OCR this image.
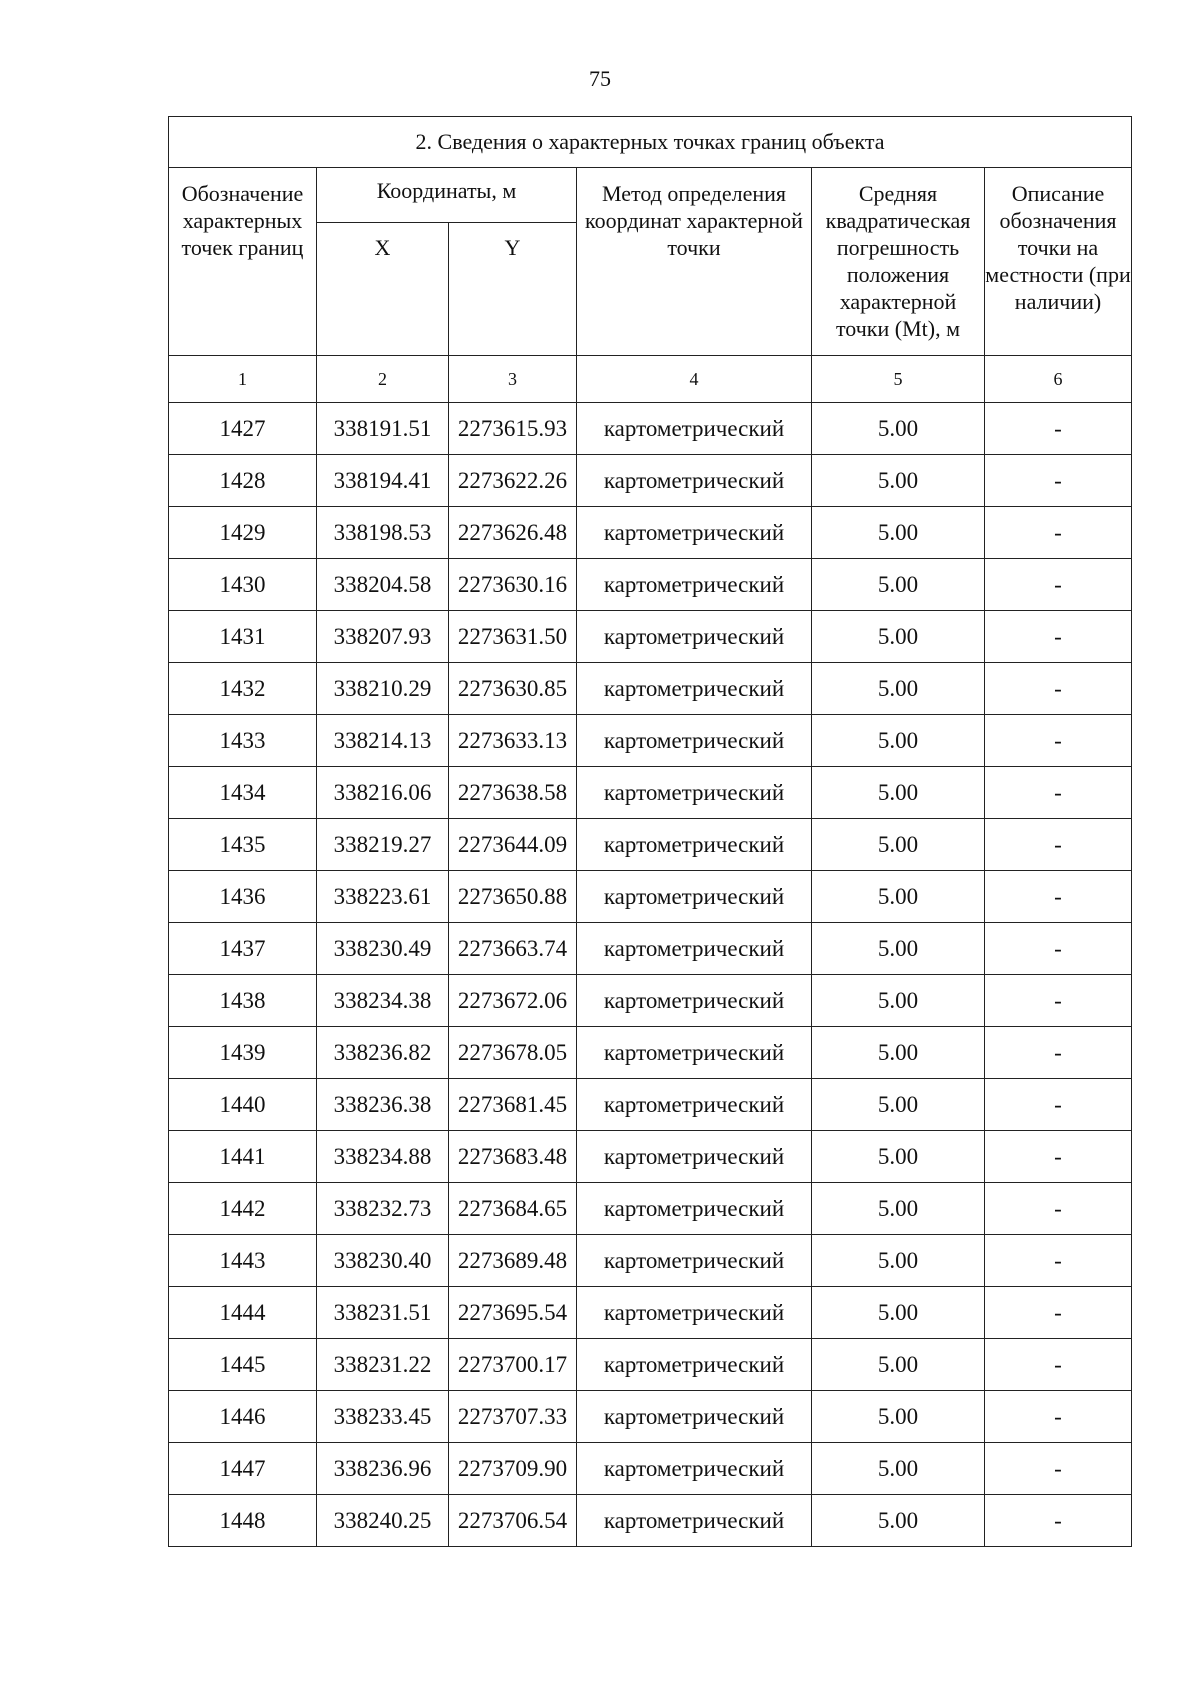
75
2. Сведения о характерных точках границ объекта					
Обозначение характерных точек границ	Координаты, м		Метод определения координат характерной точки	Средняя квадратическая погрешность положения характерной точки (Mt), м	Описание обозначения точки на местности (при наличии)
	X	Y			
1	2	3	4	5	6
1427	338191.51	2273615.93	картометрический	5.00	-
1428	338194.41	2273622.26	картометрический	5.00	-
1429	338198.53	2273626.48	картометрический	5.00	-
1430	338204.58	2273630.16	картометрический	5.00	-
1431	338207.93	2273631.50	картометрический	5.00	-
1432	338210.29	2273630.85	картометрический	5.00	-
1433	338214.13	2273633.13	картометрический	5.00	-
1434	338216.06	2273638.58	картометрический	5.00	-
1435	338219.27	2273644.09	картометрический	5.00	-
1436	338223.61	2273650.88	картометрический	5.00	-
1437	338230.49	2273663.74	картометрический	5.00	-
1438	338234.38	2273672.06	картометрический	5.00	-
1439	338236.82	2273678.05	картометрический	5.00	-
1440	338236.38	2273681.45	картометрический	5.00	-
1441	338234.88	2273683.48	картометрический	5.00	-
1442	338232.73	2273684.65	картометрический	5.00	-
1443	338230.40	2273689.48	картометрический	5.00	-
1444	338231.51	2273695.54	картометрический	5.00	-
1445	338231.22	2273700.17	картометрический	5.00	-
1446	338233.45	2273707.33	картометрический	5.00	-
1447	338236.96	2273709.90	картометрический	5.00	-
1448	338240.25	2273706.54	картометрический	5.00	-
